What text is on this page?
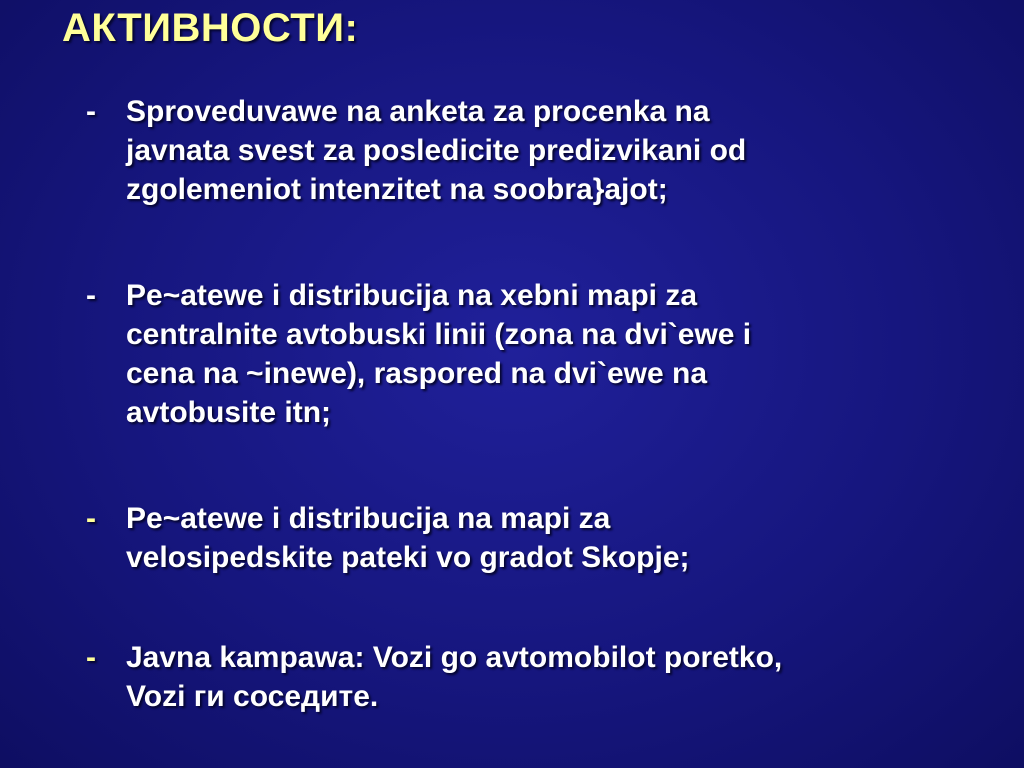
АКТИВНОСТИ:
- Sproveduvawe na anketa za procenka na
javnata svest za posledicite predizvikani od
zgolemeniot intenzitet na soobra}ajot;
- Pe~atewe i distribucija na xebni mapi za
centralnite avtobuski linii (zona na dvi`ewe i
cena na ~inewe), raspored na dvi`ewe na
avtobusite itn;
- Pe~atewe i distribucija na mapi za
velosipedskite pateki vo gradot Skopje;
- Javna kampawa: Vozi go avtomobilot poretko,
Vozi ги соседите.
